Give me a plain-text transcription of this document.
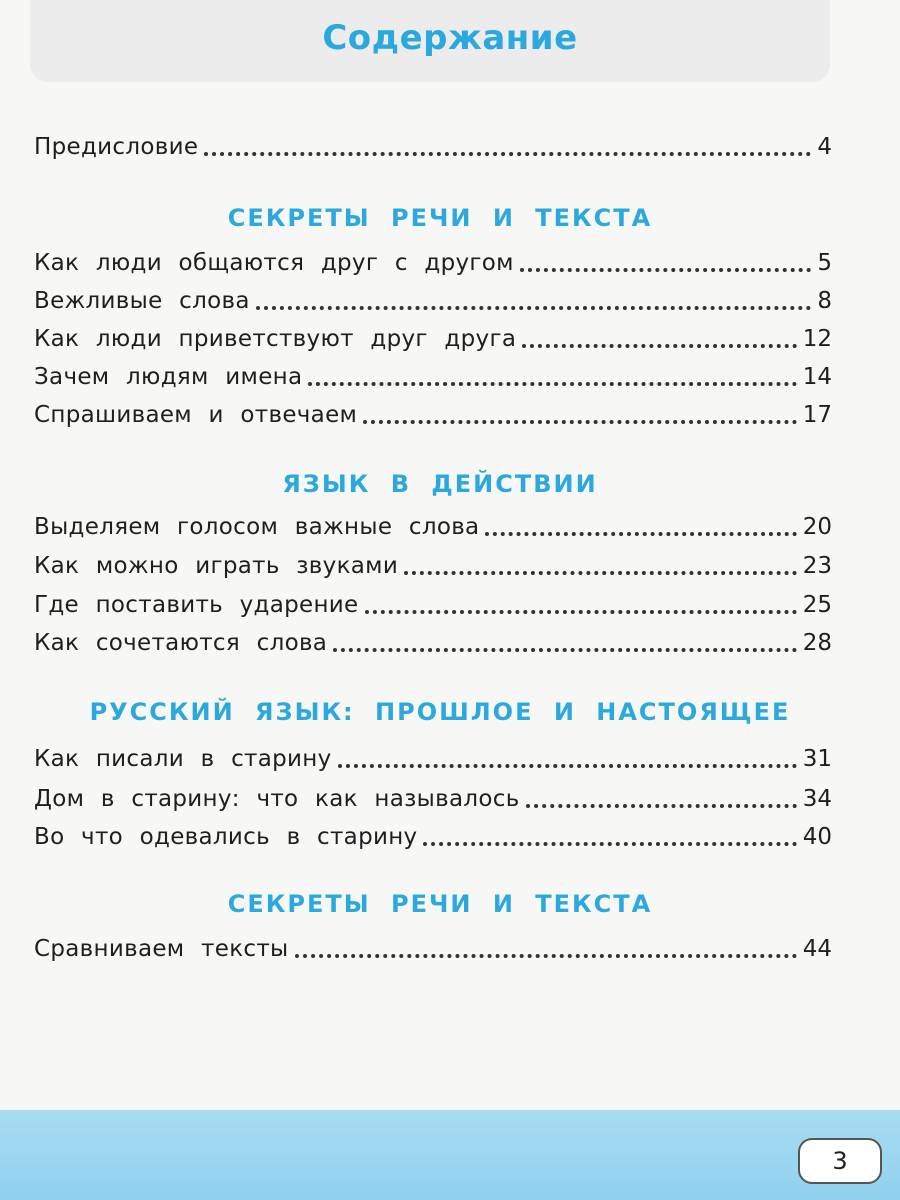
Содержание
Предисловие	4
СЕКРЕТЫ РЕЧИ И ТЕКСТА
Как люди общаются друг с другом	5
Вежливые слова	8
Как люди приветствуют друг друга	12
Зачем людям имена	14
Спрашиваем и отвечаем	17
ЯЗЫК В ДЕЙСТВИИ
Выделяем голосом важные слова	20
Как можно играть звуками	23
Где поставить ударение	25
Как сочетаются слова	28
РУССКИЙ ЯЗЫК: ПРОШЛОЕ И НАСТОЯЩЕЕ
Как писали в старину	31
Дом в старину: что как называлось	34
Во что одевались в старину	40
СЕКРЕТЫ РЕЧИ И ТЕКСТА
Сравниваем тексты	44
3
